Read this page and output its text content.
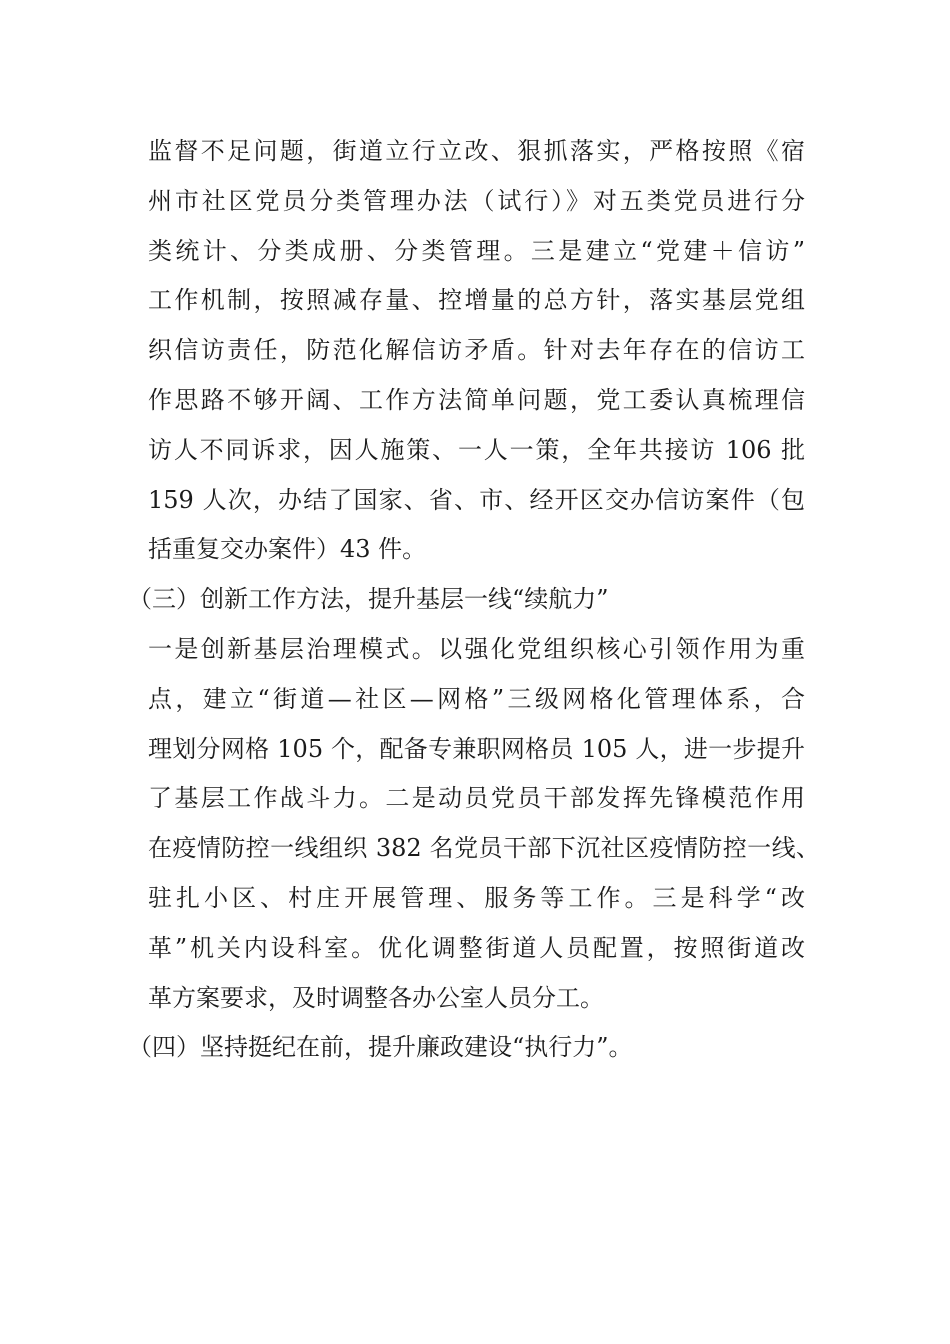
监督不足问题，街道立行立改、狠抓落实，严格按照《宿
州市社区党员分类管理办法（试行）》对五类党员进行分
类统计、分类成册、分类管理。三是建立“党建＋信访”
工作机制，按照减存量、控增量的总方针，落实基层党组
织信访责任，防范化解信访矛盾。针对去年存在的信访工
作思路不够开阔、工作方法简单问题，党工委认真梳理信
访人不同诉求，因人施策、一人一策，全年共接访 106 批
159 人次，办结了国家、省、市、经开区交办信访案件（包
括重复交办案件）43 件。
（三）创新工作方法，提升基层一线“续航力”
一是创新基层治理模式。以强化党组织核心引领作用为重
点，建立“街道—社区—网格”三级网格化管理体系，合
理划分网格 105 个，配备专兼职网格员 105 人，进一步提升
了基层工作战斗力。二是动员党员干部发挥先锋模范作用
在疫情防控一线组织 382 名党员干部下沉社区疫情防控一线、
驻扎小区、村庄开展管理、服务等工作。三是科学“改
革”机关内设科室。优化调整街道人员配置，按照街道改
革方案要求，及时调整各办公室人员分工。
（四）坚持挺纪在前，提升廉政建设“执行力”。
